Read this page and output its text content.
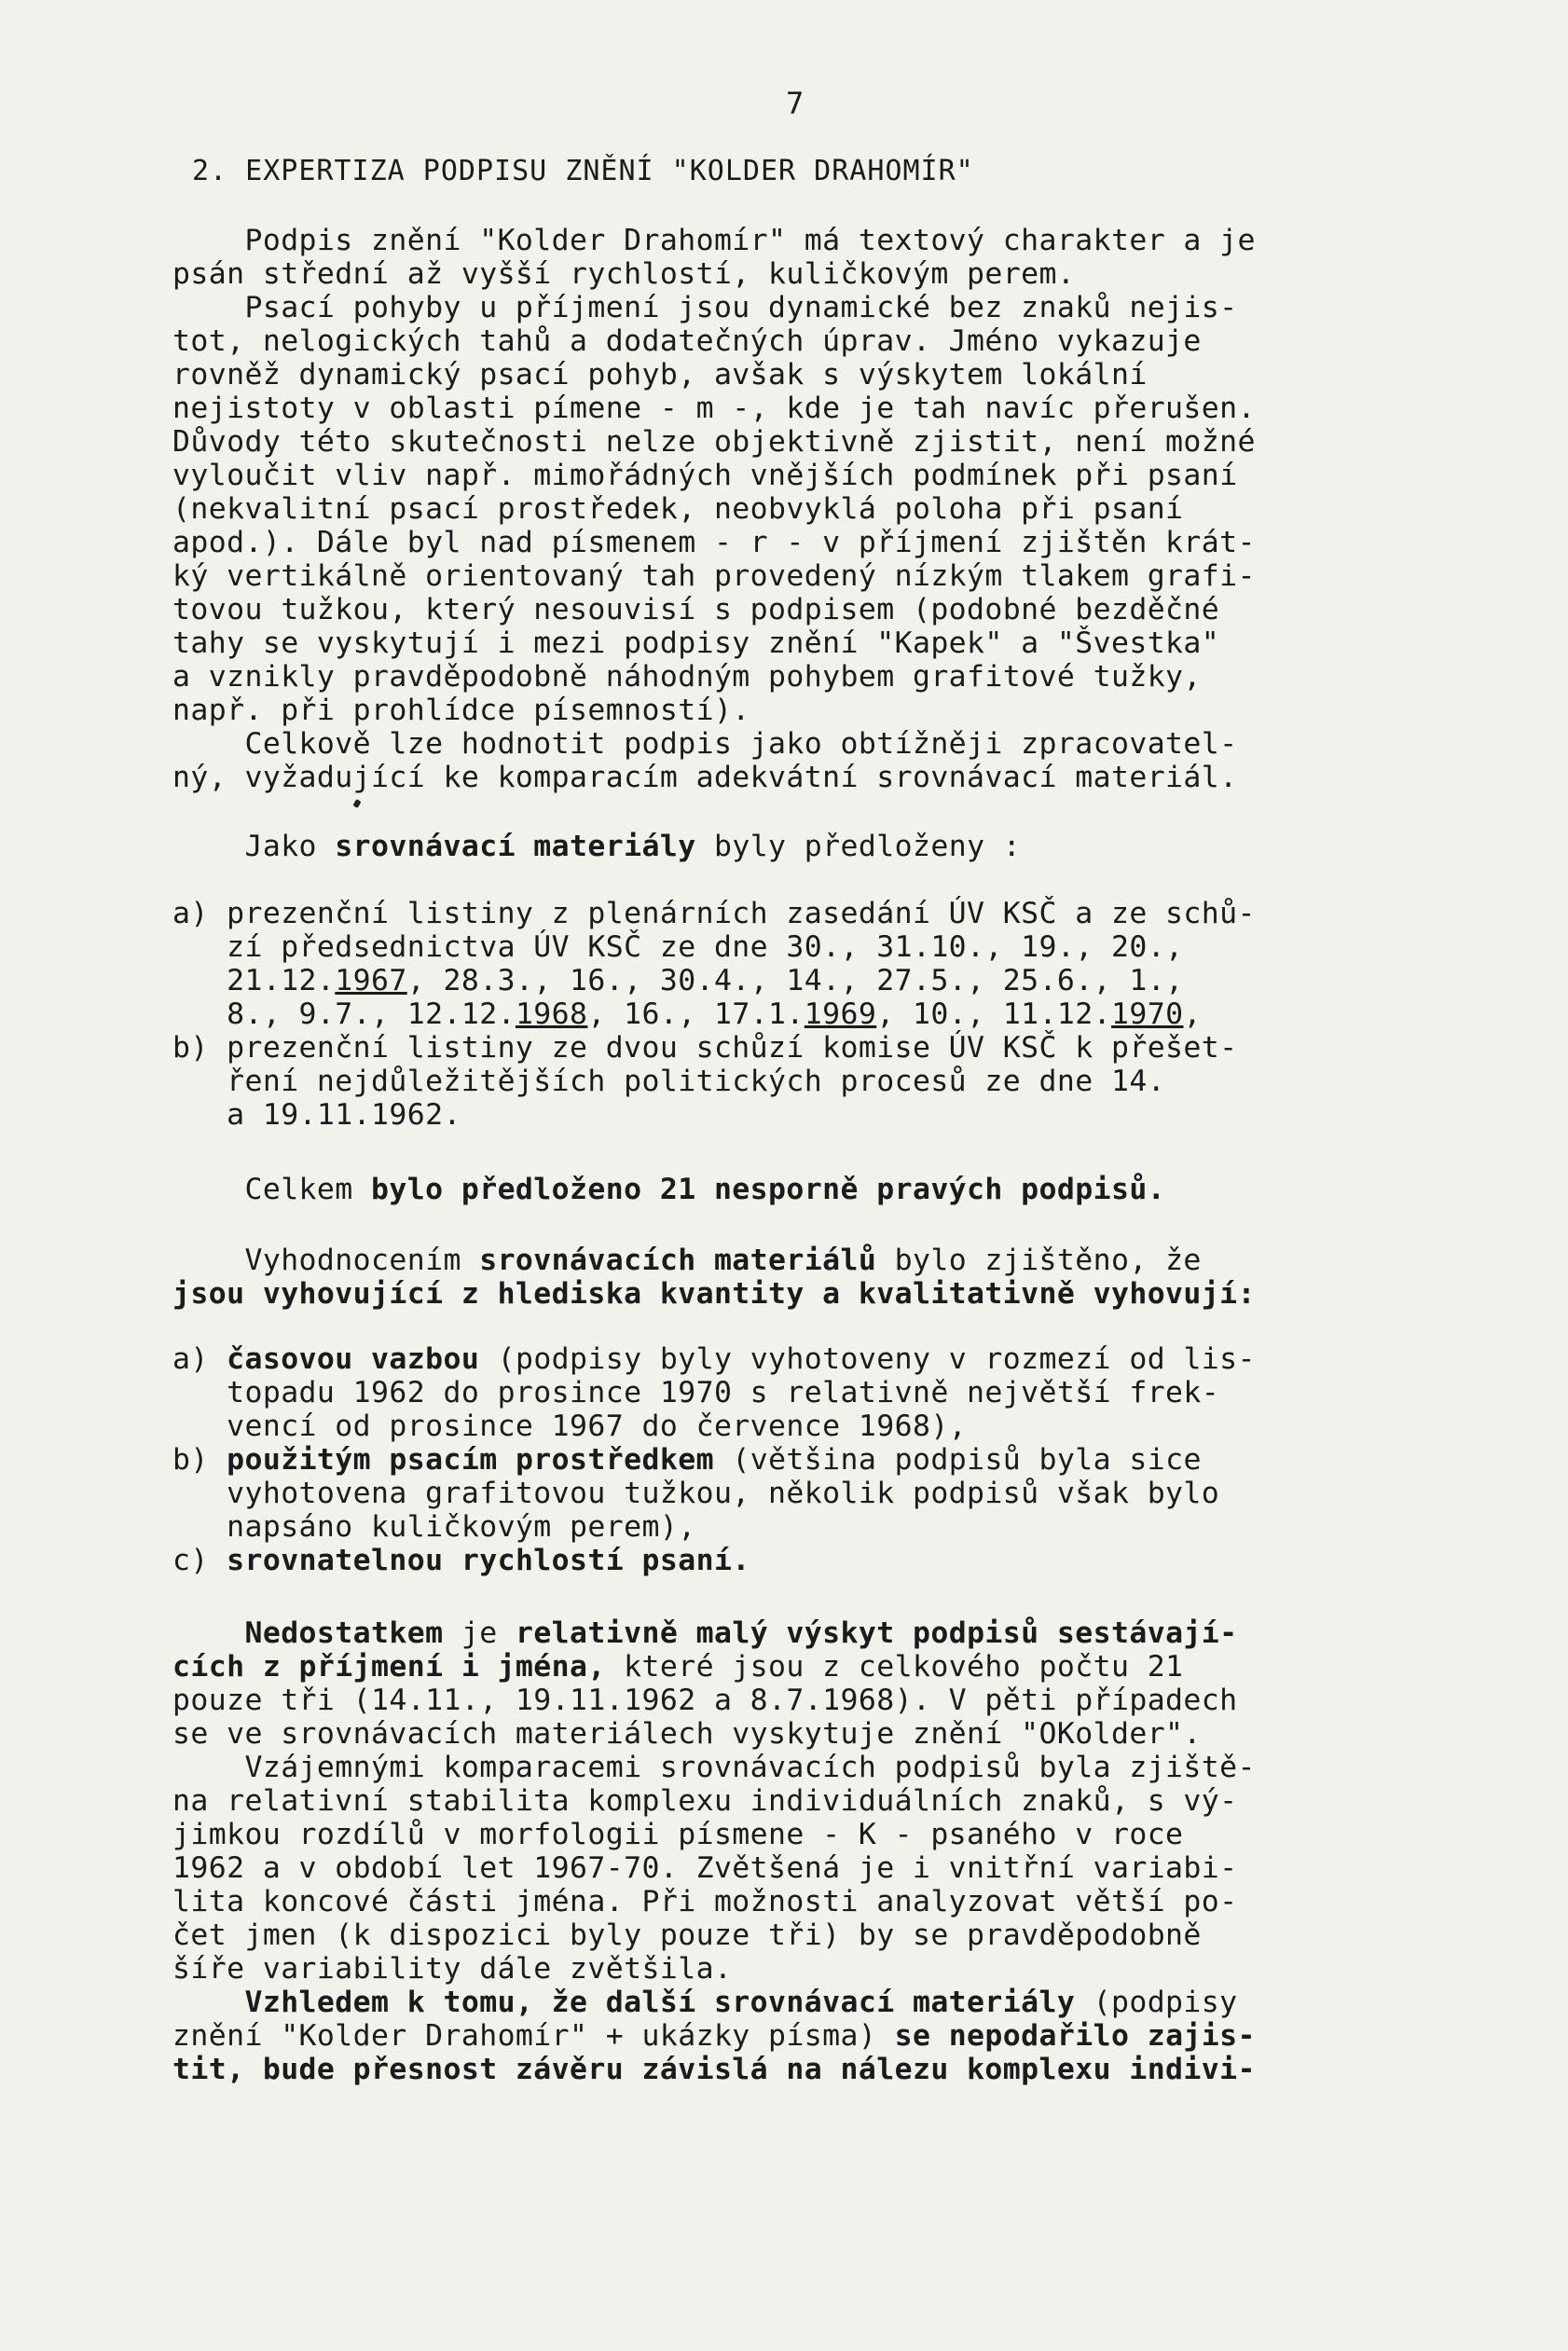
7
2. EXPERTIZA PODPISU ZNĚNÍ "KOLDER DRAHOMÍR"
Podpis znění "Kolder Drahomír" má textový charakter a je
psán střední až vyšší rychlostí, kuličkovým perem.
Psací pohyby u příjmení jsou dynamické bez znaků nejis-
tot, nelogických tahů a dodatečných úprav. Jméno vykazuje
rovněž dynamický psací pohyb, avšak s výskytem lokální
nejistoty v oblasti pímene - m -, kde je tah navíc přerušen.
Důvody této skutečnosti nelze objektivně zjistit, není možné
vyloučit vliv např. mimořádných vnějších podmínek při psaní
(nekvalitní psací prostředek, neobvyklá poloha při psaní
apod.). Dále byl nad písmenem - r - v příjmení zjištěn krát-
ký vertikálně orientovaný tah provedený nízkým tlakem grafi-
tovou tužkou, který nesouvisí s podpisem (podobné bezděčné
tahy se vyskytují i mezi podpisy znění "Kapek" a "Švestka"
a vznikly pravděpodobně náhodným pohybem grafitové tužky,
např. při prohlídce písemností).
Celkově lze hodnotit podpis jako obtížněji zpracovatel-
ný, vyžadující ke komparacím adekvátní srovnávací materiál.
Jako srovnávací materiály byly předloženy :
a) prezenční listiny z plenárních zasedání ÚV KSČ a ze schů-
zí předsednictva ÚV KSČ ze dne 30., 31.10., 19., 20.,
21.12.1967, 28.3., 16., 30.4., 14., 27.5., 25.6., 1.,
8., 9.7., 12.12.1968, 16., 17.1.1969, 10., 11.12.1970,
b) prezenční listiny ze dvou schůzí komise ÚV KSČ k přešet-
ření nejdůležitějších politických procesů ze dne 14.
a 19.11.1962.
Celkem bylo předloženo 21 nesporně pravých podpisů.
Vyhodnocením srovnávacích materiálů bylo zjištěno, že
jsou vyhovující z hlediska kvantity a kvalitativně vyhovují:
a) časovou vazbou (podpisy byly vyhotoveny v rozmezí od lis-
topadu 1962 do prosince 1970 s relativně největší frek-
vencí od prosince 1967 do července 1968),
b) použitým psacím prostředkem (většina podpisů byla sice
vyhotovena grafitovou tužkou, několik podpisů však bylo
napsáno kuličkovým perem),
c) srovnatelnou rychlostí psaní.
Nedostatkem je relativně malý výskyt podpisů sestávají-
cích z příjmení i jména, které jsou z celkového počtu 21
pouze tři (14.11., 19.11.1962 a 8.7.1968). V pěti případech
se ve srovnávacích materiálech vyskytuje znění "OKolder".
Vzájemnými komparacemi srovnávacích podpisů byla zjiště-
na relativní stabilita komplexu individuálních znaků, s vý-
jimkou rozdílů v morfologii písmene - K - psaného v roce
1962 a v období let 1967-70. Zvětšená je i vnitřní variabi-
lita koncové části jména. Při možnosti analyzovat větší po-
čet jmen (k dispozici byly pouze tři) by se pravděpodobně
šíře variability dále zvětšila.
Vzhledem k tomu, že další srovnávací materiály (podpisy
znění "Kolder Drahomír" + ukázky písma) se nepodařilo zajis-
tit, bude přesnost závěru závislá na nálezu komplexu indivi-
